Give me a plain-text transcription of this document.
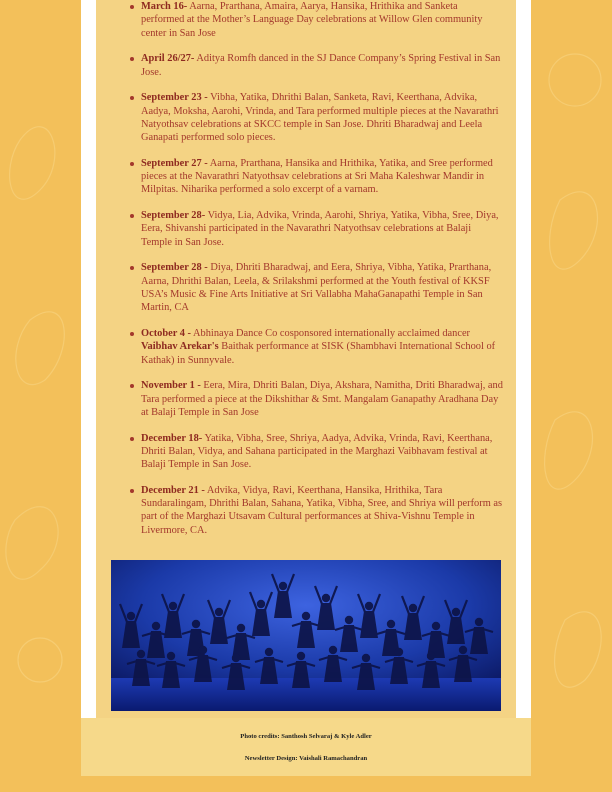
March 16- Aarna, Prarthana, Amaira, Aarya, Hansika, Hrithika and Sanketa performed at the Mother’s Language Day celebrations at Willow Glen community center in San Jose
April 26/27- Aditya Romfh danced in the SJ Dance Company’s Spring Festival in San Jose.
September 23 - Vibha, Yatika, Dhrithi Balan, Sanketa, Ravi, Keerthana, Advika, Aadya, Moksha, Aarohi, Vrinda, and Tara performed multiple pieces at the Navarathri Natyothsav celebrations at SKCC temple in San Jose. Dhriti Bharadwaj and Leela Ganapati performed solo pieces.
September 27 - Aarna, Prarthana, Hansika and Hrithika, Yatika, and Sree performed pieces at the Navarathri Natyothsav celebrations at Sri Maha Kaleshwar Mandir in Milpitas. Niharika performed a solo excerpt of a varnam.
September 28- Vidya, Lia, Advika, Vrinda, Aarohi, Shriya, Yatika, Vibha, Sree, Diya, Eera, Shivanshi participated in the Navarathri Natyothsav celebrations at Balaji Temple in San Jose.
September 28 - Diya, Dhriti Bharadwaj, and Eera, Shriya, Vibha, Yatika, Prarthana, Aarna, Dhrithi Balan, Leela, & Srilakshmi performed at the Youth festival of KKSF USA’s Music & Fine Arts Initiative at Sri Vallabha MahaGanapathi Temple in San Martin, CA
October 4 - Abhinaya Dance Co cosponsored internationally acclaimed dancer Vaibhav Arekar's Baithak performance at SISK (Shambhavi International School of Kathak) in Sunnyvale.
November 1 - Eera, Mira, Dhriti Balan, Diya, Akshara, Namitha, Driti Bharadwaj, and Tara performed a piece at the Dikshithar & Smt. Mangalam Ganapathy Aradhana Day at Balaji Temple in San Jose
December 18- Yatika, Vibha, Sree, Shriya, Aadya, Advika, Vrinda, Ravi, Keerthana, Dhriti Balan, Vidya, and Sahana participated in the Marghazi Vaibhavam festival at Balaji Temple in San Jose.
December 21 - Advika, Vidya, Ravi, Keerthana, Hansika, Hrithika, Tara Sundaralingam, Dhrithi Balan, Sahana, Yatika, Vibha, Sree, and Shriya will perform as part of the Marghazi Utsavam Cultural performances at Shiva-Vishnu Temple in Livermore, CA.
Photo credits: Santhosh Selvaraj & Kyle Adler
Newsletter Design: Vaishali Ramachandran
